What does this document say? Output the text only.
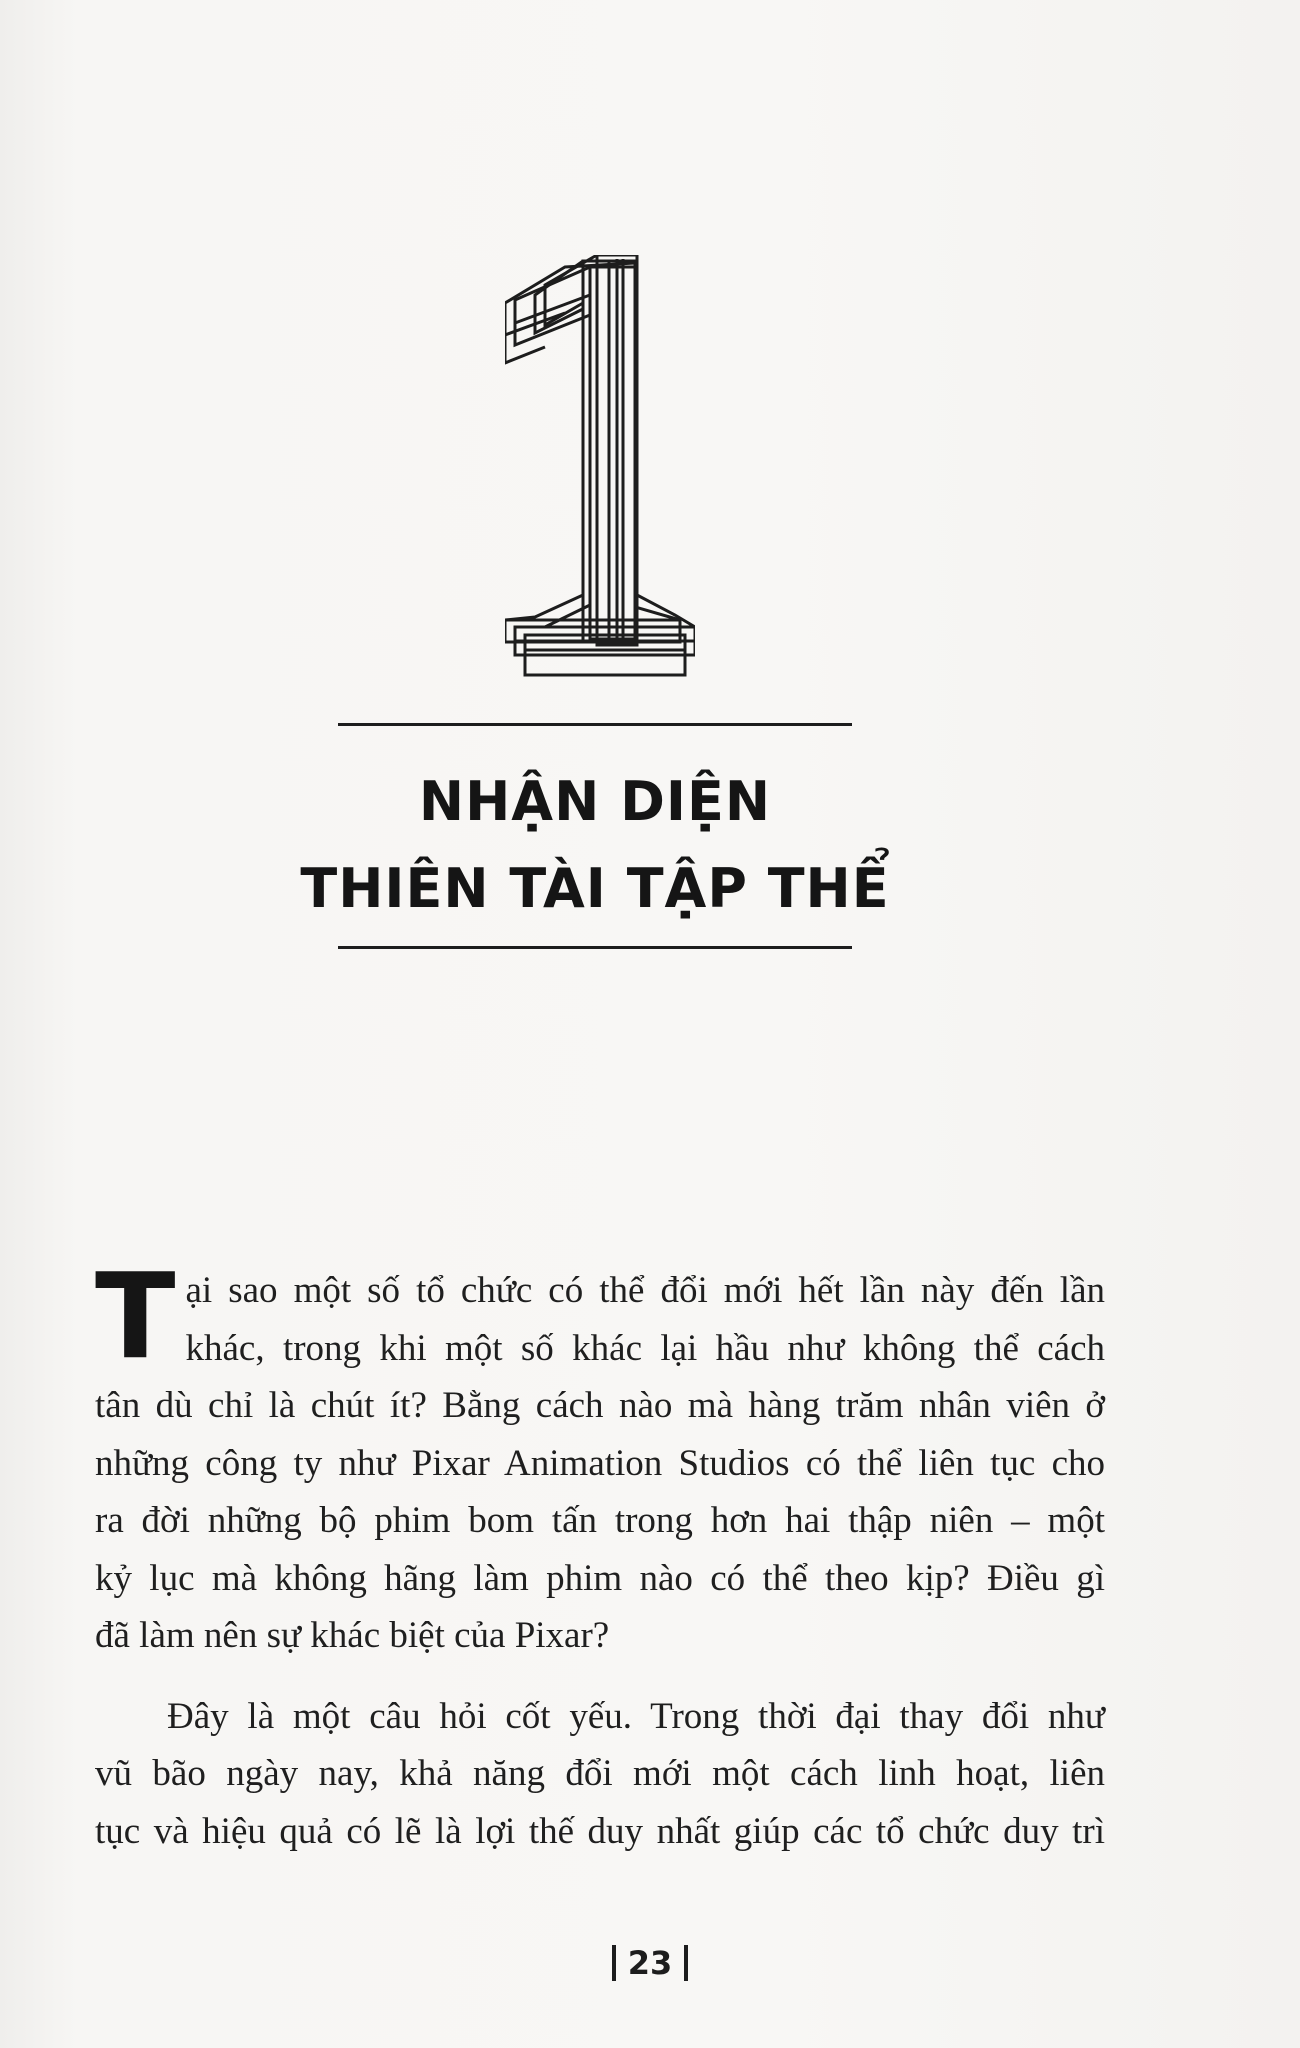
NHẬN DIỆN
THIÊN TÀI TẬP THỂ

T ại sao một số tổ chức có thể đổi mới hết lần này đến lần
khác, trong khi một số khác lại hầu như không thể cách
tân dù chỉ là chút ít? Bằng cách nào mà hàng trăm nhân viên ở
những công ty như Pixar Animation Studios có thể liên tục cho
ra đời những bộ phim bom tấn trong hơn hai thập niên – một
kỷ lục mà không hãng làm phim nào có thể theo kịp? Điều gì
đã làm nên sự khác biệt của Pixar?

Đây là một câu hỏi cốt yếu. Trong thời đại thay đổi như
vũ bão ngày nay, khả năng đổi mới một cách linh hoạt, liên
tục và hiệu quả có lẽ là lợi thế duy nhất giúp các tổ chức duy trì

23
